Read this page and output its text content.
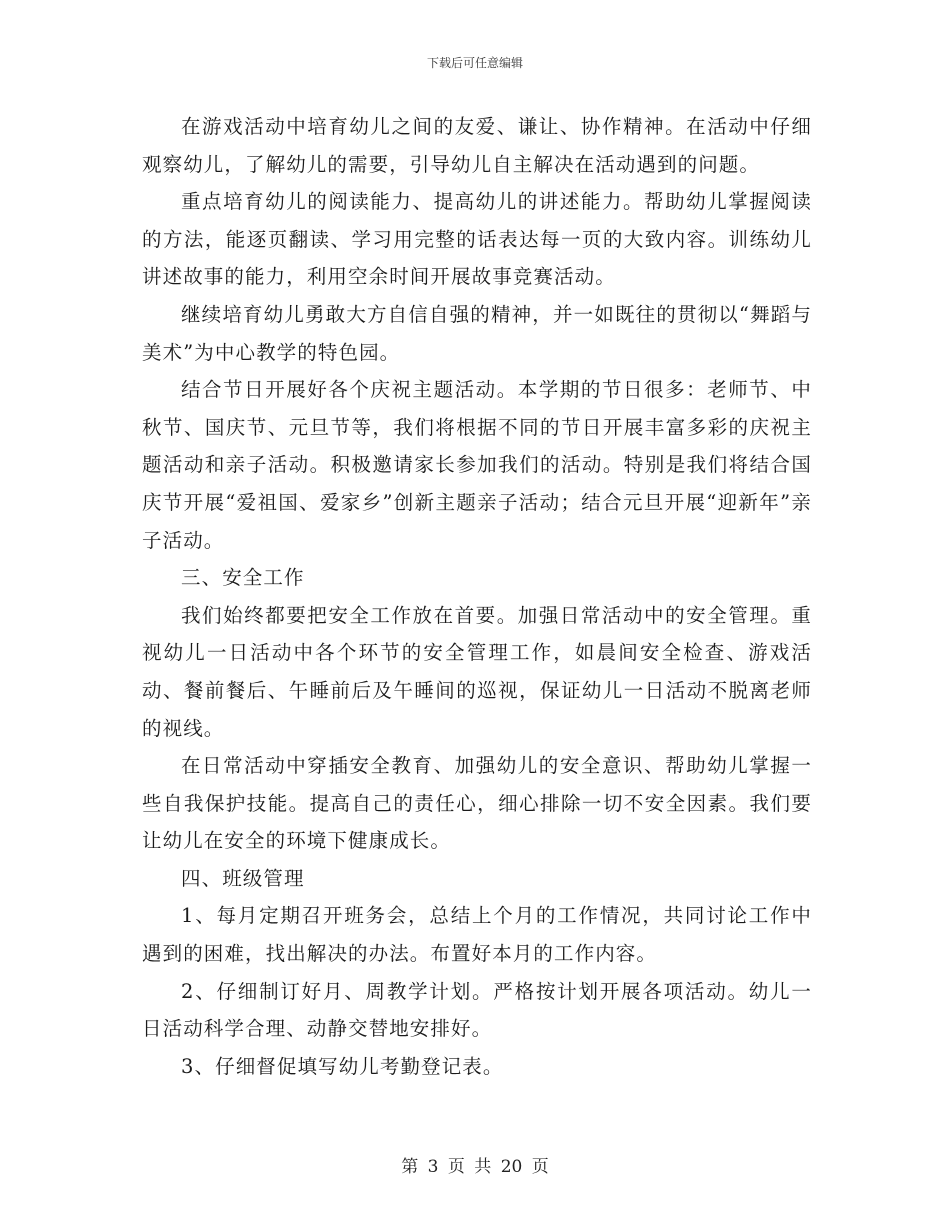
下载后可任意编辑

在游戏活动中培育幼儿之间的友爱、谦让、协作精神。在活动中仔细观察幼儿，了解幼儿的需要，引导幼儿自主解决在活动遇到的问题。

重点培育幼儿的阅读能力、提高幼儿的讲述能力。帮助幼儿掌握阅读的方法，能逐页翻读、学习用完整的话表达每一页的大致内容。训练幼儿讲述故事的能力，利用空余时间开展故事竞赛活动。

继续培育幼儿勇敢大方自信自强的精神，并一如既往的贯彻以“舞蹈与美术”为中心教学的特色园。

结合节日开展好各个庆祝主题活动。本学期的节日很多：老师节、中秋节、国庆节、元旦节等，我们将根据不同的节日开展丰富多彩的庆祝主题活动和亲子活动。积极邀请家长参加我们的活动。特别是我们将结合国庆节开展“爱祖国、爱家乡”创新主题亲子活动；结合元旦开展“迎新年”亲子活动。

三、安全工作

我们始终都要把安全工作放在首要。加强日常活动中的安全管理。重视幼儿一日活动中各个环节的安全管理工作，如晨间安全检查、游戏活动、餐前餐后、午睡前后及午睡间的巡视，保证幼儿一日活动不脱离老师的视线。

在日常活动中穿插安全教育、加强幼儿的安全意识、帮助幼儿掌握一些自我保护技能。提高自己的责任心，细心排除一切不安全因素。我们要让幼儿在安全的环境下健康成长。

四、班级管理

1、每月定期召开班务会，总结上个月的工作情况，共同讨论工作中遇到的困难，找出解决的办法。布置好本月的工作内容。

2、仔细制订好月、周教学计划。严格按计划开展各项活动。幼儿一日活动科学合理、动静交替地安排好。

3、仔细督促填写幼儿考勤登记表。

第 3 页 共 20 页
